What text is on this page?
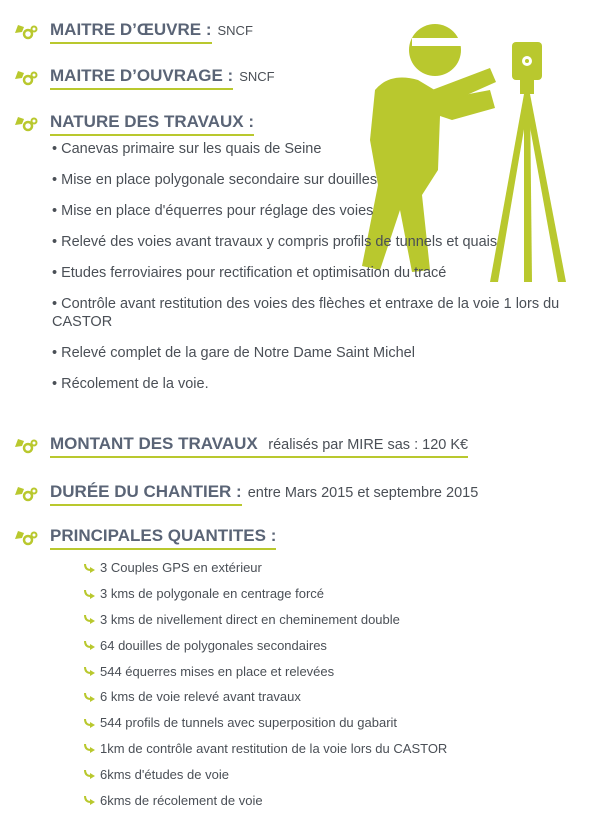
MAITRE D’ŒUVRE : SNCF
MAITRE D’OUVRAGE : SNCF
NATURE DES TRAVAUX :
• Canevas primaire sur les quais de Seine
• Mise en place polygonale secondaire sur douilles
• Mise en place d'équerres pour réglage des voies
• Relevé des voies avant travaux y compris profils de tunnels et quais
• Etudes ferroviaires pour rectification et optimisation du tracé
• Contrôle avant restitution des voies des flèches et entraxe de la voie 1 lors du CASTOR
• Relevé complet de la gare de Notre Dame Saint Michel
• Récolement de la voie.
MONTANT DES TRAVAUX réalisés par MIRE sas : 120 K€
DURÉE DU CHANTIER : entre Mars 2015 et septembre 2015
PRINCIPALES QUANTITES :
3 Couples GPS en extérieur
3 kms de polygonale en centrage forcé
3 kms de nivellement direct en cheminement double
64 douilles de polygonales secondaires
544 équerres mises en place et relevées
6 kms de voie relevé avant travaux
544 profils de tunnels avec superposition du gabarit
1km de contrôle avant restitution de la voie lors du CASTOR
6kms d'études de voie
6kms de récolement de voie
